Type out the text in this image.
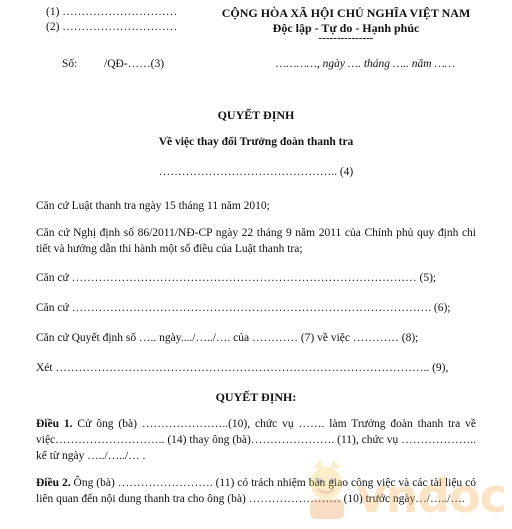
(1) …………………………
(2) …………………………
CỘNG HÒA XÃ HỘI CHỦ NGHĨA VIỆT NAM
Độc lập - Tự do - Hạnh phúc
---------------
Số: /QĐ-……(3)	…………, ngày …. tháng ….. năm ……
QUYẾT ĐỊNH
Về việc thay đổi Trưởng đoàn thanh tra
……………………………………….. (4)
Căn cứ Luật thanh tra ngày 15 tháng 11 năm 2010;
Căn cứ Nghị định số 86/2011/NĐ-CP ngày 22 tháng 9 năm 2011 của Chính phủ quy định chi tiết và hướng dẫn thi hành một số điều của Luật thanh tra;
Căn cứ ……………………………………………………………………………… (5);
Căn cứ …………………………………………………………………………………. (6);
Căn cứ Quyết định số ….. ngày..../…../…. của ………… (7) về việc ………… (8);
Xét …………………………………………………………………………………….. (9),
QUYẾT ĐỊNH:
Điều 1. Cử ông (bà) …………………..(10), chức vụ ……. làm Trưởng đoàn thanh tra về việc……………………….. (14) thay ông (bà)…………………. (11), chức vụ ……………….. kể từ ngày …../…../… .
Điều 2. Ông (bà) ……………………. (11) có trách nhiệm bàn giao công việc và các tài liệu có liên quan đến nội dung thanh tra cho ông (bà) …………………… (10) trước ngày…/…../….
vndoc
